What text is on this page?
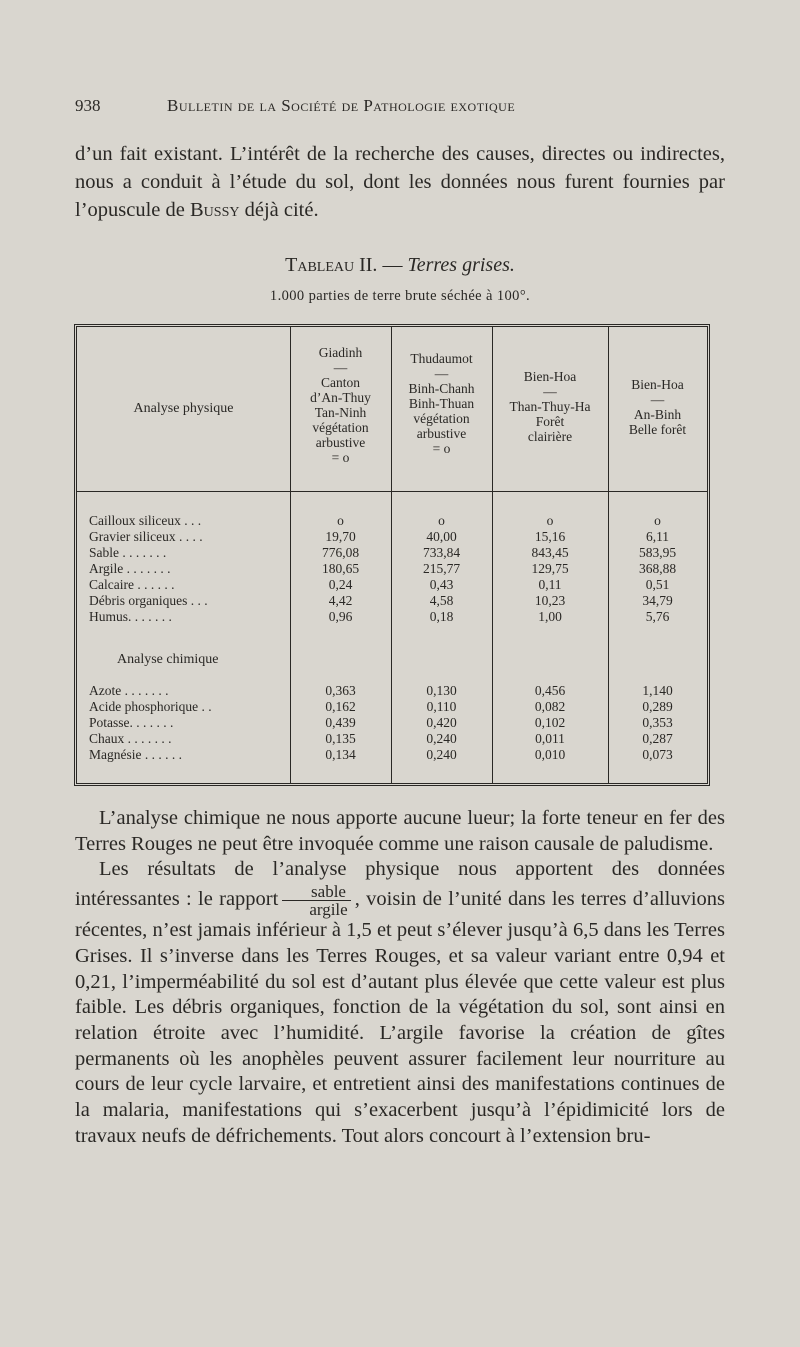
938	Bulletin de la Société de Pathologie exotique

d’un fait existant. L’intérêt de la recherche des causes, directes ou indirectes, nous a conduit à l’étude du sol, dont les données nous furent fournies par l’opuscule de Bussy déjà cité.

Tableau II. — Terres grises.
1.000 parties de terre brute séchée à 100°.
Analyse physique
Giadinh
—
Canton
d’An-Thuy
Tan-Ninh
végétation
arbustive
= o
Thudaumot
—
Binh-Chanh
Binh-Thuan
végétation
arbustive
= o
Bien-Hoa
—
Than-Thuy-Ha
Forêt
clairière
Bien-Hoa
—
An-Binh
Belle forêt
Cailloux siliceux . . .
Gravier siliceux . . . .
Sable . . . . . . .
Argile . . . . . . .
Calcaire . . . . . .
Débris organiques . . .
Humus. . . . . . .
o
19,70
776,08
180,65
0,24
4,42
0,96
o
40,00
733,84
215,77
0,43
4,58
0,18
o
15,16
843,45
129,75
0,11
10,23
1,00
o
6,11
583,95
368,88
0,51
34,79
5,76
Analyse chimique
Azote . . . . . . .
Acide phosphorique . .
Potasse. . . . . . .
Chaux . . . . . . .
Magnésie . . . . . .
0,363
0,162
0,439
0,135
0,134
0,130
0,110
0,420
0,240
0,240
0,456
0,082
0,102
0,011
0,010
1,140
0,289
0,353
0,287
0,073

L’analyse chimique ne nous apporte aucune lueur; la forte teneur en fer des Terres Rouges ne peut être invoquée comme une raison causale de paludisme.

Les résultats de l’analyse physique nous apportent des données intéressantes : le rapport $\frac{\text{sable}}{\text{argile}}$ , voisin de l’unité dans les terres d’alluvions récentes, n’est jamais inférieur à 1,5 et peut s’élever jusqu’à 6,5 dans les Terres Grises. Il s’inverse dans les Terres Rouges, et sa valeur variant entre 0,94 et 0,21, l’imperméabilité du sol est d’autant plus élevée que cette valeur est plus faible. Les débris organiques, fonction de la végétation du sol, sont ainsi en relation étroite avec l’humidité. L’argile favorise la création de gîtes permanents où les anophèles peuvent assurer facilement leur nourriture au cours de leur cycle larvaire, et entretient ainsi des manifestations continues de la malaria, manifestations qui s’exacerbent jusqu’à l’épidimicité lors de travaux neufs de défrichements. Tout alors concourt à l’extension bru-
